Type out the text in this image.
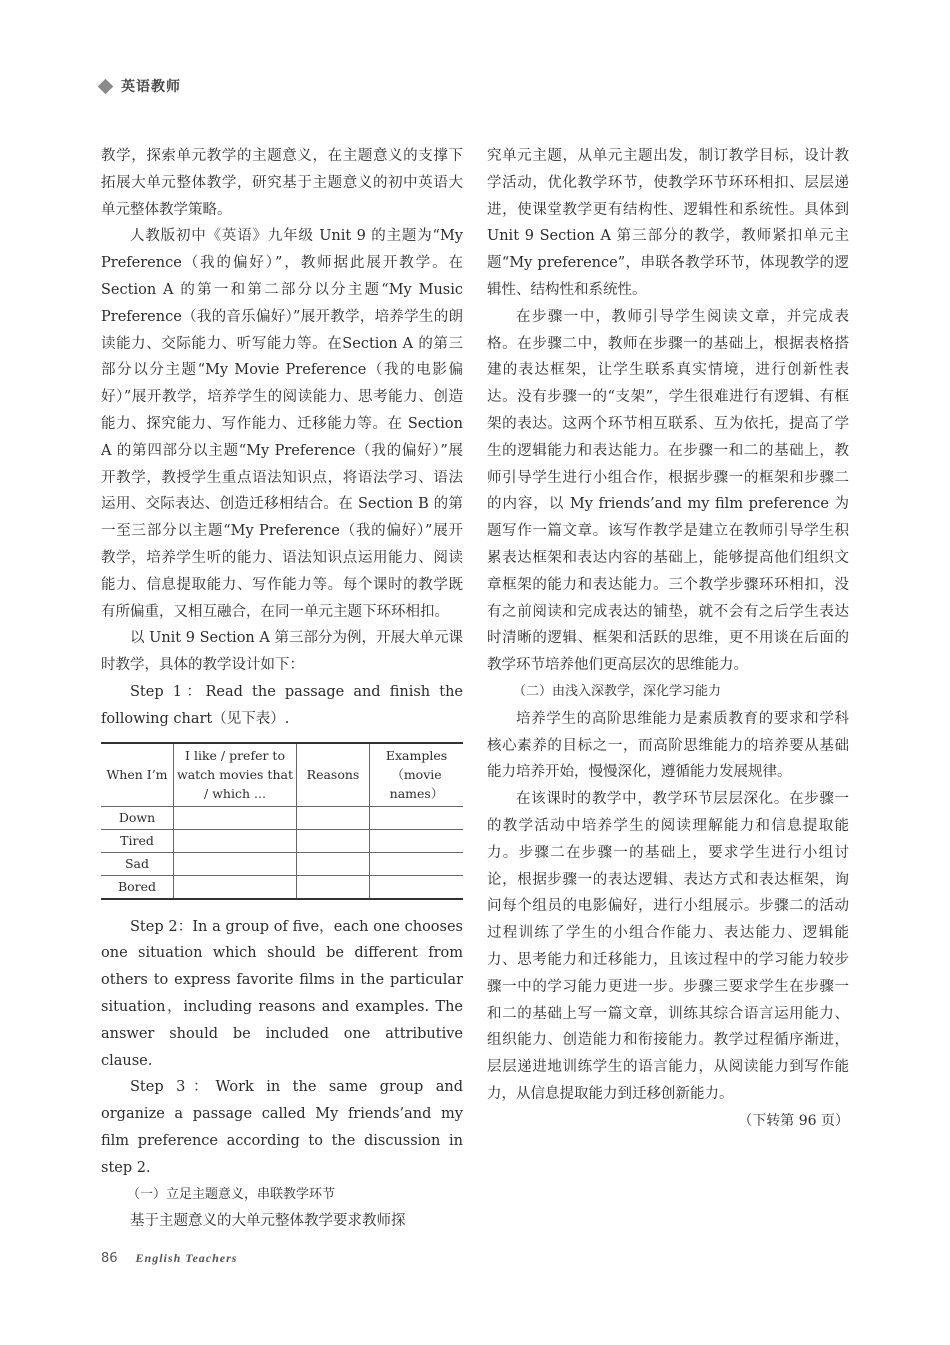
英语教师

教学，探索单元教学的主题意义，在主题意义的支撑下拓展大单元整体教学，研究基于主题意义的初中英语大单元整体教学策略。

人教版初中《英语》九年级 Unit 9 的主题为“My Preference（我的偏好）”，教师据此展开教学。在 Section A 的第一和第二部分以分主题“My Music Preference（我的音乐偏好）”展开教学，培养学生的朗读能力、交际能力、听写能力等。在Section A 的第三部分以分主题“My Movie Preference（我的电影偏好）”展开教学，培养学生的阅读能力、思考能力、创造能力、探究能力、写作能力、迁移能力等。在 Section A 的第四部分以主题“My Preference（我的偏好）”展开教学，教授学生重点语法知识点，将语法学习、语法运用、交际表达、创造迁移相结合。在 Section B 的第一至三部分以主题“My Preference（我的偏好）”展开教学，培养学生听的能力、语法知识点运用能力、阅读能力、信息提取能力、写作能力等。每个课时的教学既有所偏重，又相互融合，在同一单元主题下环环相扣。

以 Unit 9 Section A 第三部分为例，开展大单元课时教学，具体的教学设计如下：

Step 1：Read the passage and finish the following chart（见下表）.

When I’m	I like / prefer to watch movies that / which ...	Reasons	Examples （movie names）
Down			
Tired			
Sad			
Bored			

Step 2：In a group of five，each one chooses one situation which should be different from others to express favorite films in the particular situation，including reasons and examples. The answer should be included one attributive clause.

Step 3：Work in the same group and organize a passage called My friends’and my film preference according to the discussion in step 2.

（一）立足主题意义，串联教学环节

基于主题意义的大单元整体教学要求教师探

究单元主题，从单元主题出发，制订教学目标，设计教学活动，优化教学环节，使教学环节环环相扣、层层递进，使课堂教学更有结构性、逻辑性和系统性。具体到 Unit 9 Section A 第三部分的教学，教师紧扣单元主题“My preference”，串联各教学环节，体现教学的逻辑性、结构性和系统性。

在步骤一中，教师引导学生阅读文章，并完成表格。在步骤二中，教师在步骤一的基础上，根据表格搭建的表达框架，让学生联系真实情境，进行创新性表达。没有步骤一的“支架”，学生很难进行有逻辑、有框架的表达。这两个环节相互联系、互为依托，提高了学生的逻辑能力和表达能力。在步骤一和二的基础上，教师引导学生进行小组合作，根据步骤一的框架和步骤二的内容，以 My friends’and my film preference 为题写作一篇文章。该写作教学是建立在教师引导学生积累表达框架和表达内容的基础上，能够提高他们组织文章框架的能力和表达能力。三个教学步骤环环相扣，没有之前阅读和完成表达的铺垫，就不会有之后学生表达时清晰的逻辑、框架和活跃的思维，更不用谈在后面的教学环节培养他们更高层次的思维能力。

（二）由浅入深教学，深化学习能力

培养学生的高阶思维能力是素质教育的要求和学科核心素养的目标之一，而高阶思维能力的培养要从基础能力培养开始，慢慢深化，遵循能力发展规律。

在该课时的教学中，教学环节层层深化。在步骤一的教学活动中培养学生的阅读理解能力和信息提取能力。步骤二在步骤一的基础上，要求学生进行小组讨论，根据步骤一的表达逻辑、表达方式和表达框架，询问每个组员的电影偏好，进行小组展示。步骤二的活动过程训练了学生的小组合作能力、表达能力、逻辑能力、思考能力和迁移能力，且该过程中的学习能力较步骤一中的学习能力更进一步。步骤三要求学生在步骤一和二的基础上写一篇文章，训练其综合语言运用能力、组织能力、创造能力和衔接能力。教学过程循序渐进，层层递进地训练学生的语言能力，从阅读能力到写作能力，从信息提取能力到迁移创新能力。

（下转第 96 页）

86 English Teachers
